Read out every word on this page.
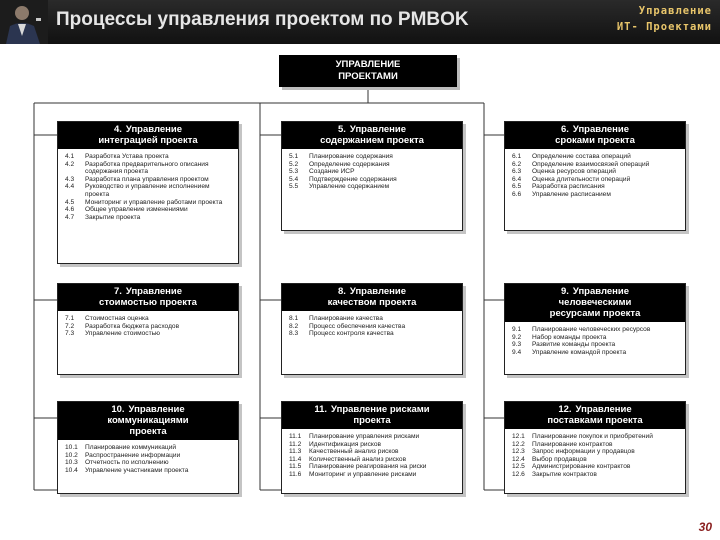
Процессы управления проектом по PMBOK	Управление
ИТ- Проектами
УПРАВЛЕНИЕ
ПРОЕКТАМИ
4. Управление
интеграцией проекта
4.1	Разработка Устава проекта
4.2	Разработка предварительного описания содержания проекта
4.3	Разработка плана управления проектом
4.4	Руководство и управление исполнением проекта
4.5	Мониторинг и управление работами проекта
4.6	Общее управление изменениями
4.7	Закрытие проекта
5. Управление
содержанием проекта
5.1	Планирование содержания
5.2	Определение содержания
5.3	Создание ИСР
5.4	Подтверждение содержания
5.5	Управление содержанием
6. Управление
сроками проекта
6.1	Определение состава операций
6.2	Определение взаимосвязей операций
6.3	Оценка ресурсов операций
6.4	Оценка длительности операций
6.5	Разработка расписания
6.6	Управление расписанием
7. Управление
стоимостью проекта
7.1	Стоимостная оценка
7.2	Разработка бюджета расходов
7.3	Управление стоимостью
8. Управление
качеством проекта
8.1	Планирование качества
8.2	Процесс обеспечения качества
8.3	Процесс контроля качества
9. Управление
человеческими
ресурсами проекта
9.1	Планирование человеческих ресурсов
9.2	Набор команды проекта
9.3	Развитие команды проекта
9.4	Управление командой проекта
10. Управление
коммуникациями
проекта
10.1	Планирование коммуникаций
10.2	Распространение информации
10.3	Отчетность по исполнению
10.4	Управление участниками проекта
11. Управление рисками
проекта
11.1	Планирование управления рисками
11.2	Идентификация рисков
11.3	Качественный анализ рисков
11.4	Количественный анализ рисков
11.5	Планирование реагирования на риски
11.6	Мониторинг и управление рисками
12. Управление
поставками проекта
12.1	Планирование покупок и приобретений
12.2	Планирование контрактов
12.3	Запрос информации у продавцов
12.4	Выбор продавцов
12.5	Администрирование контрактов
12.6	Закрытие контрактов
30
